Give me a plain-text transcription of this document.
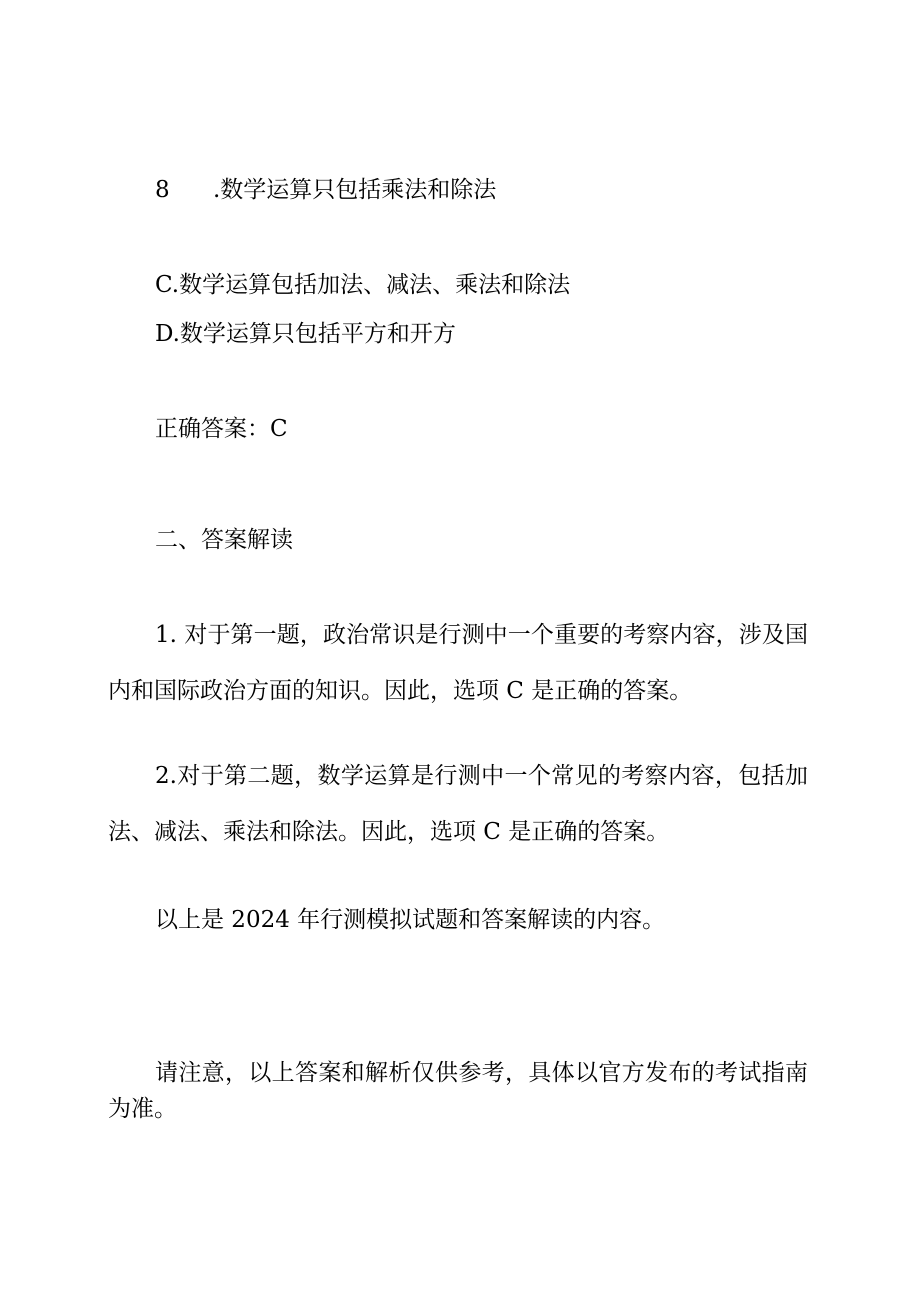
8 .数学运算只包括乘法和除法
C.数学运算包括加法、减法、乘法和除法
D.数学运算只包括平方和开方
正确答案：C
二、答案解读
1. 对于第一题，政治常识是行测中一个重要的考察内容，涉及国内和国际政治方面的知识。因此，选项 C 是正确的答案。
2.对于第二题，数学运算是行测中一个常见的考察内容，包括加法、减法、乘法和除法。因此，选项 C 是正确的答案。
以上是 2024 年行测模拟试题和答案解读的内容。
请注意，以上答案和解析仅供参考，具体以官方发布的考试指南为准。
